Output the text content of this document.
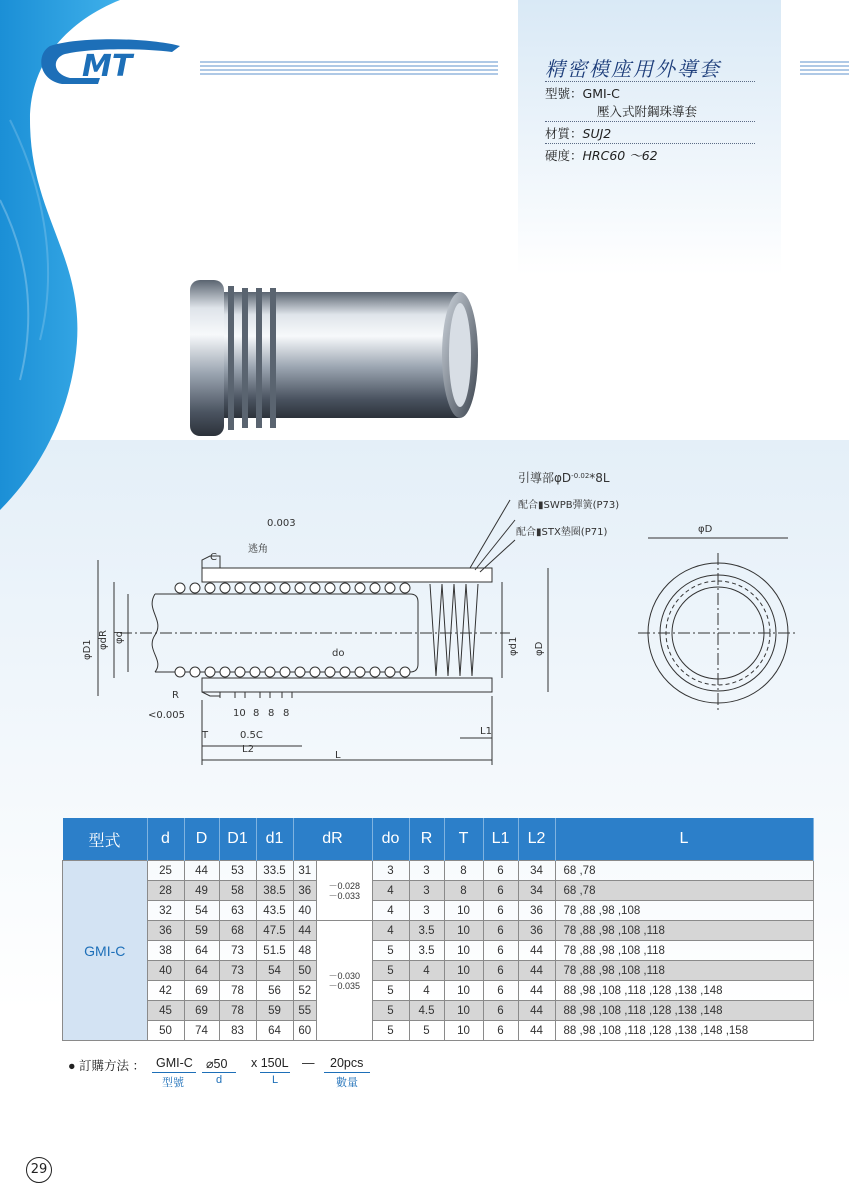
MT	精密模座用外導套
型號：GMI-C
壓入式附鋼珠導套
材質：SUJ2
硬度：HRC60 ～62
引導部$\varphi D^{-0.02}*8L$
配合▮SWPB彈簧(P73)
配合▮STX墊圈(P71)
0.003
<0.005
逃角
C
R
do
10 8 8 8
0.5C
T
L2
L
L1
φD
φD1 φdR φd	φd1 φD
型式	d	D	D1	d1	dR		do	R	T	L1	L2	L
GMI-C	25	44	53	33.5	31	－0.028
－0.033	3	3	8	6	34	68 ,78
	28	49	58	38.5	36		4	3	8	6	34	68 ,78
	32	54	63	43.5	40		4	3	10	6	36	78 ,88 ,98 ,108
	36	59	68	47.5	44	－0.030
－0.035	4	3.5	10	6	36	78 ,88 ,98 ,108 ,118
	38	64	73	51.5	48		5	3.5	10	6	44	78 ,88 ,98 ,108 ,118
	40	64	73	54	50		5	4	10	6	44	78 ,88 ,98 ,108 ,118
	42	69	78	56	52		5	4	10	6	44	88 ,98 ,108 ,118 ,128 ,138 ,148
	45	69	78	59	55		5	4.5	10	6	44	88 ,98 ,108 ,118 ,128 ,138 ,148
	50	74	83	64	60		5	5	10	6	44	88 ,98 ,108 ,118 ,128 ,138 ,148 ,158
● 訂購方法 ： GMI-C ⌀50 x 150L — 20pcs
型號	d	L	數量
29
